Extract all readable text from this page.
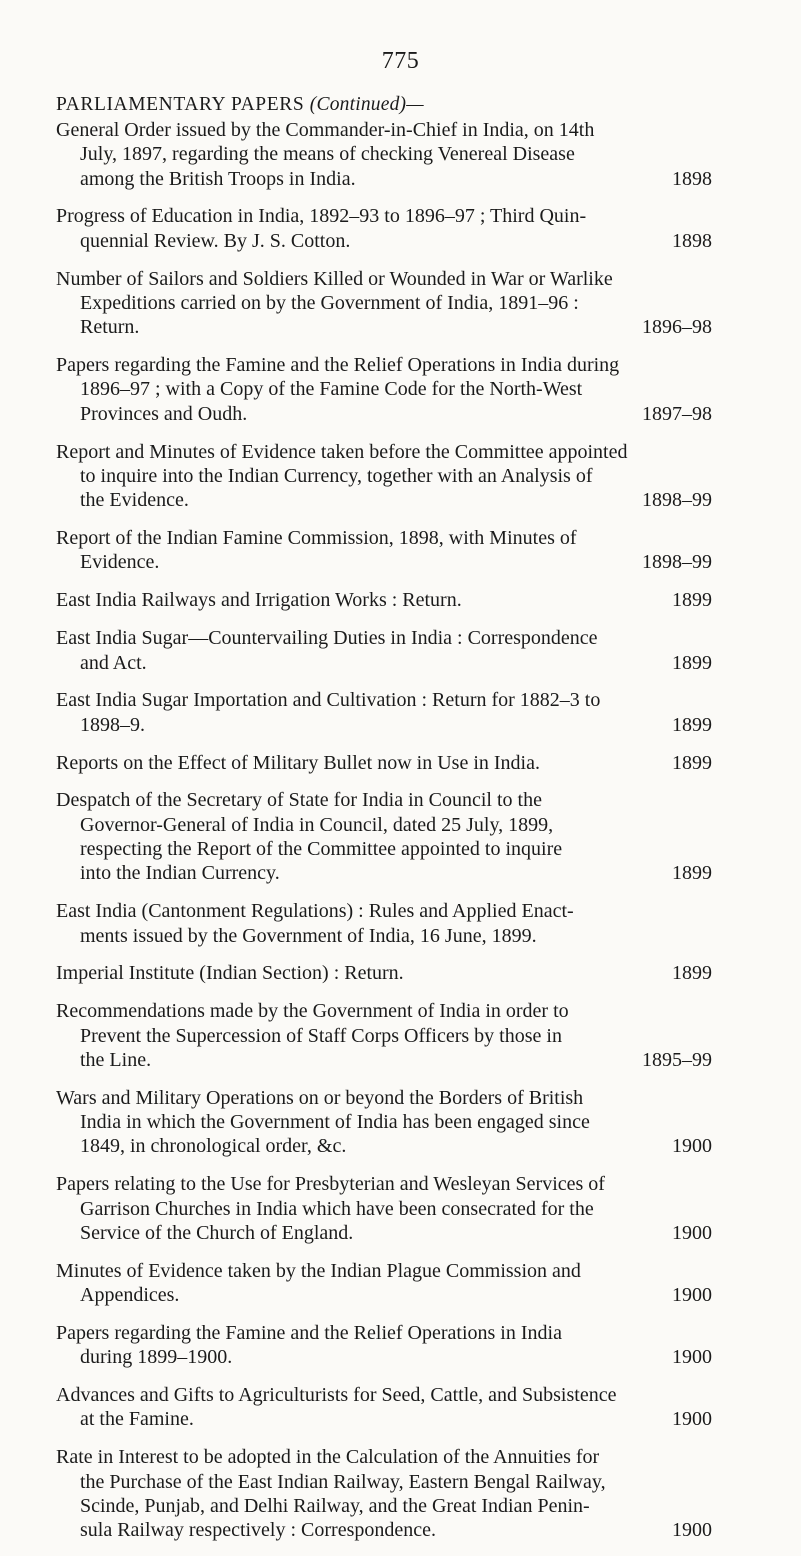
775
PARLIAMENTARY PAPERS (Continued)—
General Order issued by the Commander-in-Chief in India, on 14th
July, 1897, regarding the means of checking Venereal Disease
among the British Troops in India.	1898
Progress of Education in India, 1892–93 to 1896–97 ; Third Quin-
quennial Review. By J. S. Cotton.	1898
Number of Sailors and Soldiers Killed or Wounded in War or Warlike
Expeditions carried on by the Government of India, 1891–96 :
Return.	1896–98
Papers regarding the Famine and the Relief Operations in India during
1896–97 ; with a Copy of the Famine Code for the North-West
Provinces and Oudh.	1897–98
Report and Minutes of Evidence taken before the Committee appointed
to inquire into the Indian Currency, together with an Analysis of
the Evidence.	1898–99
Report of the Indian Famine Commission, 1898, with Minutes of
Evidence.	1898–99
East India Railways and Irrigation Works : Return.	1899
East India Sugar—Countervailing Duties in India : Correspondence
and Act.	1899
East India Sugar Importation and Cultivation : Return for 1882–3 to
1898–9.	1899
Reports on the Effect of Military Bullet now in Use in India.	1899
Despatch of the Secretary of State for India in Council to the
Governor-General of India in Council, dated 25 July, 1899,
respecting the Report of the Committee appointed to inquire
into the Indian Currency.	1899
East India (Cantonment Regulations) : Rules and Applied Enact-
ments issued by the Government of India, 16 June, 1899.
Imperial Institute (Indian Section) : Return.	1899
Recommendations made by the Government of India in order to
Prevent the Supercession of Staff Corps Officers by those in
the Line.	1895–99
Wars and Military Operations on or beyond the Borders of British
India in which the Government of India has been engaged since
1849, in chronological order, &c.	1900
Papers relating to the Use for Presbyterian and Wesleyan Services of
Garrison Churches in India which have been consecrated for the
Service of the Church of England.	1900
Minutes of Evidence taken by the Indian Plague Commission and
Appendices.	1900
Papers regarding the Famine and the Relief Operations in India
during 1899–1900.	1900
Advances and Gifts to Agriculturists for Seed, Cattle, and Subsistence
at the Famine.	1900
Rate in Interest to be adopted in the Calculation of the Annuities for
the Purchase of the East Indian Railway, Eastern Bengal Railway,
Scinde, Punjab, and Delhi Railway, and the Great Indian Penin-
sula Railway respectively : Correspondence.	1900
